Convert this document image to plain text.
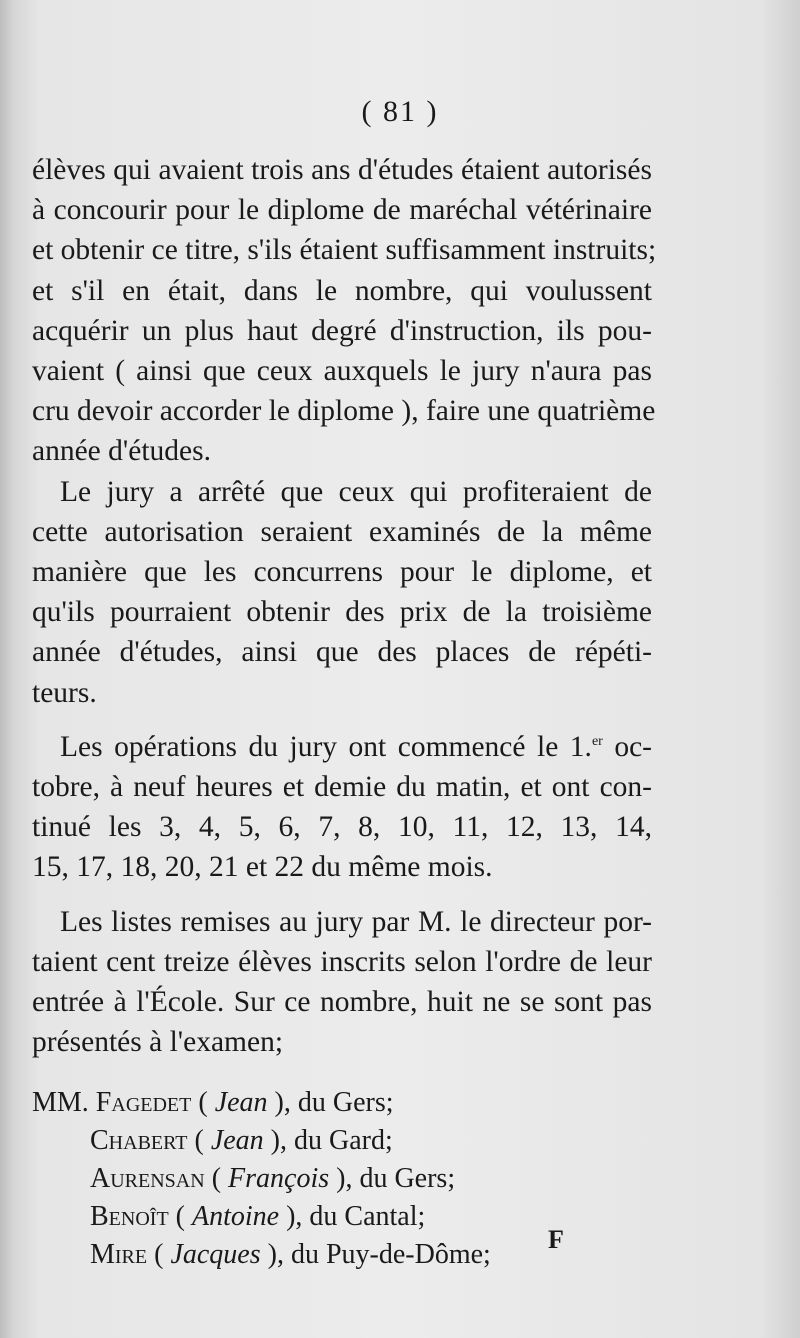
( 81 )
élèves qui avaient trois ans d'études étaient autorisés
à concourir pour le diplome de maréchal vétérinaire
et obtenir ce titre, s'ils étaient suffisamment instruits;
et s'il en était, dans le nombre, qui voulussent
acquérir un plus haut degré d'instruction, ils pou-
vaient ( ainsi que ceux auxquels le jury n'aura pas
cru devoir accorder le diplome ), faire une quatrième
année d'études.
Le jury a arrêté que ceux qui profiteraient de
cette autorisation seraient examinés de la même
manière que les concurrens pour le diplome, et
qu'ils pourraient obtenir des prix de la troisième
année d'études, ainsi que des places de répéti-
teurs.
Les opérations du jury ont commencé le 1.$^{er}$ oc-
tobre, à neuf heures et demie du matin, et ont con-
tinué les 3, 4, 5, 6, 7, 8, 10, 11, 12, 13, 14,
15, 17, 18, 20, 21 et 22 du même mois.
Les listes remises au jury par M. le directeur por-
taient cent treize élèves inscrits selon l'ordre de leur
entrée à l'École. Sur ce nombre, huit ne se sont pas
présentés à l'examen;
MM. Fagedet ( Jean ), du Gers;
Chabert ( Jean ), du Gard;
Aurensan ( François ), du Gers;
Benoît ( Antoine ), du Cantal;
Mire ( Jacques ), du Puy-de-Dôme;	F
